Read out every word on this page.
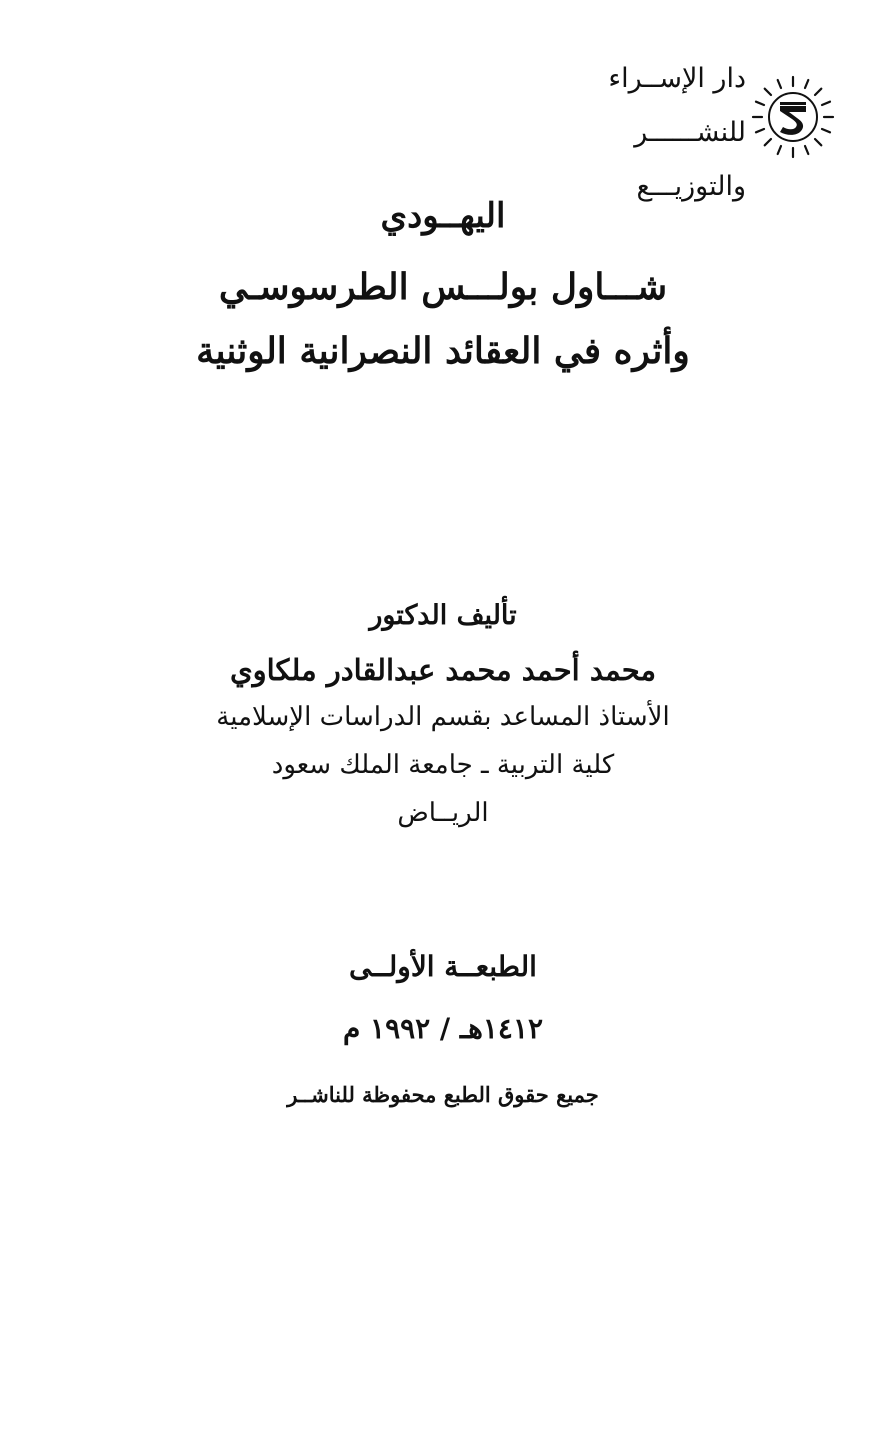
دار الإســراء
للنشــــــر
والتوزيـــع
اليهــودي
شـــاول بولـــس الطرسوسـي
وأثره في العقائد النصرانية الوثنية
تأليف الدكتور
محمد أحمد محمد عبدالقادر ملكاوي
الأستاذ المساعد بقسم الدراسات الإسلامية
كلية التربية ـ جامعة الملك سعود
الريــاض
الطبعــة الأولــى
١٤١٢هـ / ١٩٩٢ م
جميع حقوق الطبع محفوظة للناشــر
